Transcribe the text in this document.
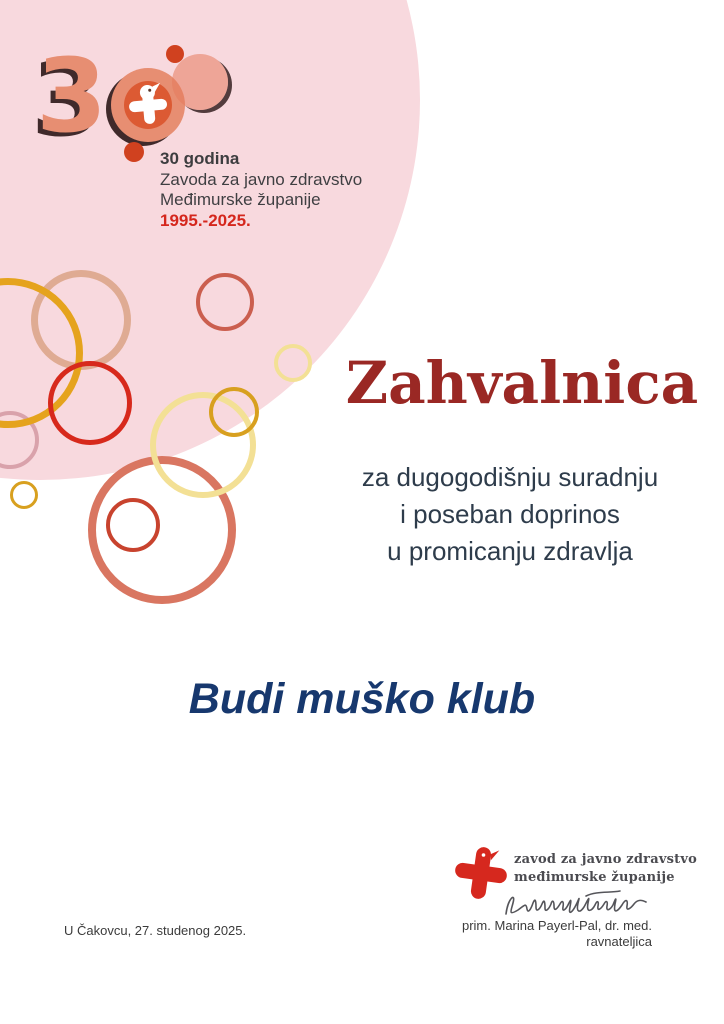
3
30 godina
Zavoda za javno zdravstvo
Međimurske županije
1995.-2025.
Zahvalnica
za dugogodišnju suradnju
i poseban doprinos
u promicanju zdravlja
Budi muško klub
U Čakovcu, 27. studenog 2025.
zavod za javno zdravstvo
međimurske županije
prim. Marina Payerl-Pal, dr. med.
ravnateljica
